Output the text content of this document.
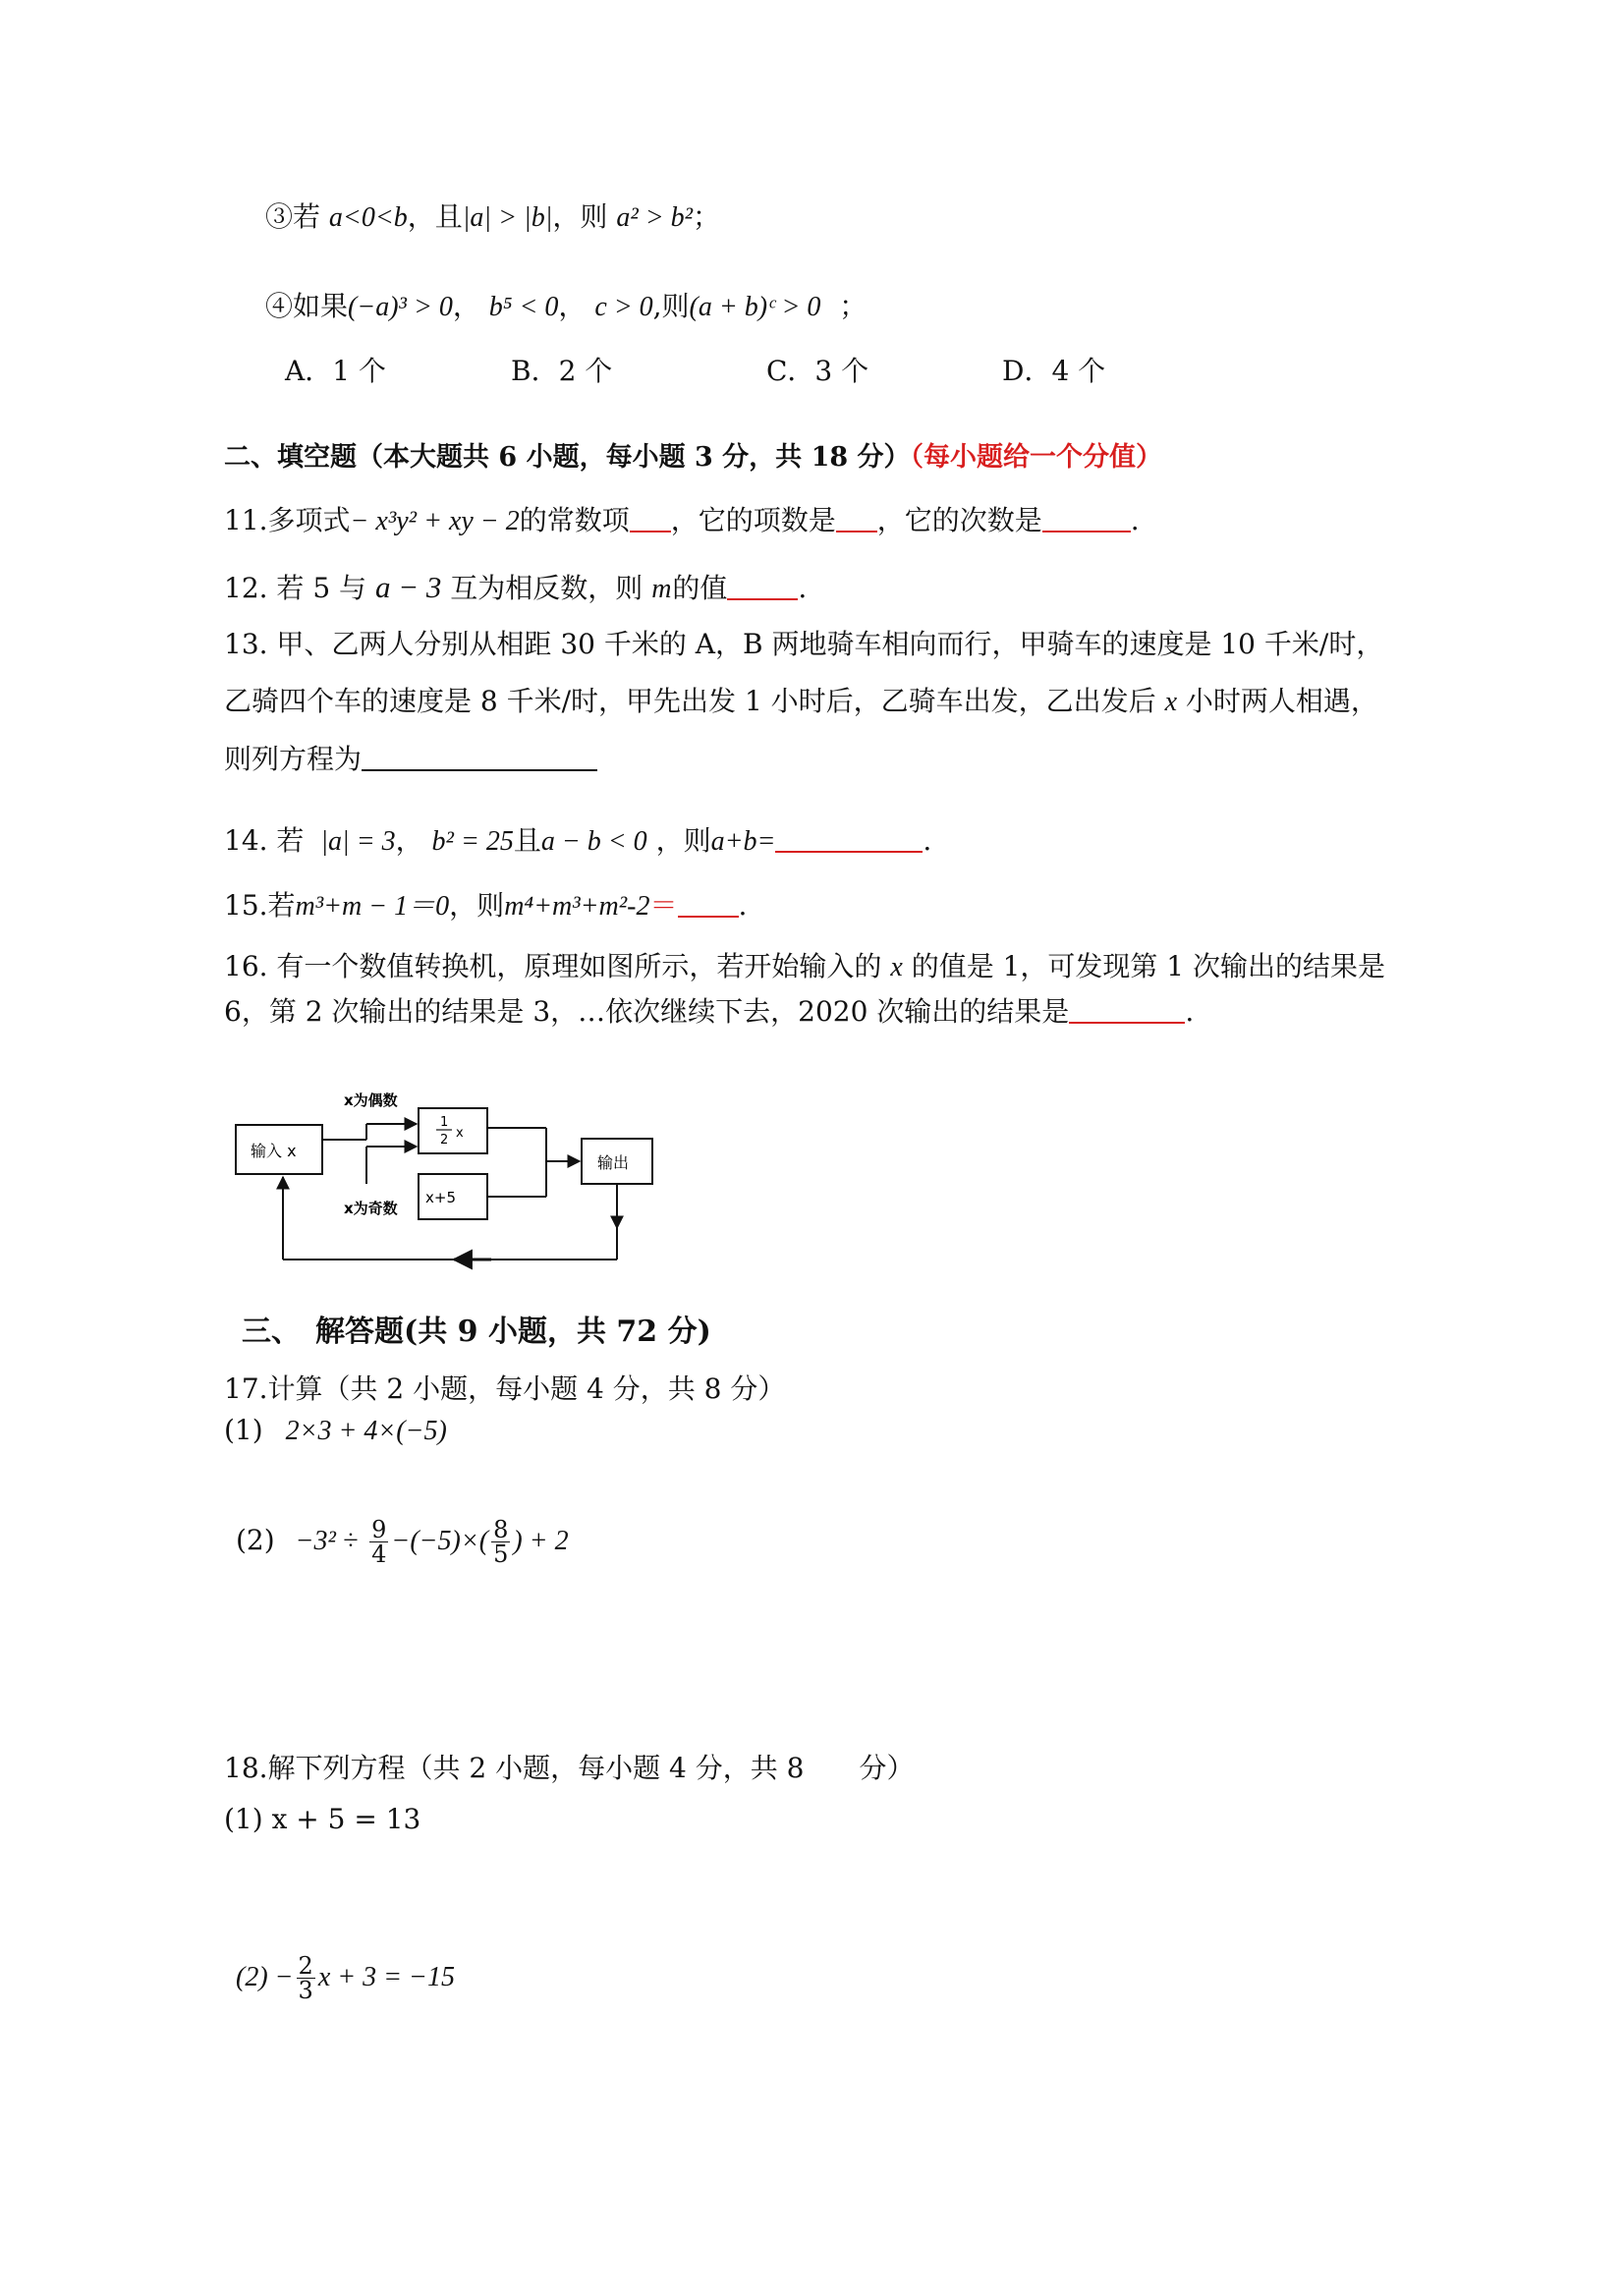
③若 a<0<b，且|a| > |b|，则 a² > b²；
④如果(−a)³ > 0， b⁵ < 0， c > 0,则(a + b)ᶜ > 0 ；
A．1 个	B．2 个	C．3 个	D．4 个
二、填空题（本大题共 6 小题，每小题 3 分，共 18 分）（每小题给一个分值）
11.多项式− x³y² + xy − 2的常数项 ，它的项数是 ，它的次数是	.
12. 若 5 与 a − 3 互为相反数，则 m 的值	.
13. 甲、乙两人分别从相距 30 千米的 A，B 两地骑车相向而行，甲骑车的速度是 10 千米/时，
乙骑四个车的速度是 8 千米/时，甲先出发 1 小时后，乙骑车出发，乙出发后 x 小时两人相遇，
则列方程为
14. 若 |a| = 3， b² = 25且a − b < 0 ，则a+b=	.
15.若m³+m − 1＝0，则m⁴+m³+m²-2＝ .
16. 有一个数值转换机，原理如图所示，若开始输入的 x 的值是 1，可发现第 1 次输出的结果是
6，第 2 次输出的结果是 3，…依次继续下去，2020 次输出的结果是	.
输入 x
1
2 x
x+5
输出
x为偶数
x为奇数
三、　解答题(共 9 小题，共 72 分)
17.计算（共 2 小题，每小题 4 分，共 8 分）
(1) 2×3 + 4×(−5)
$(2) -3^2 \div \frac{9}{4} -(-5)\times( \frac{8}{5}$ ) + 2
18.解下列方程（共 2 小题，每小题 4 分，共 8　　分）
(1) x + 5 = 13
$(2) - \frac{2}{3}$ x + 3 = −15
